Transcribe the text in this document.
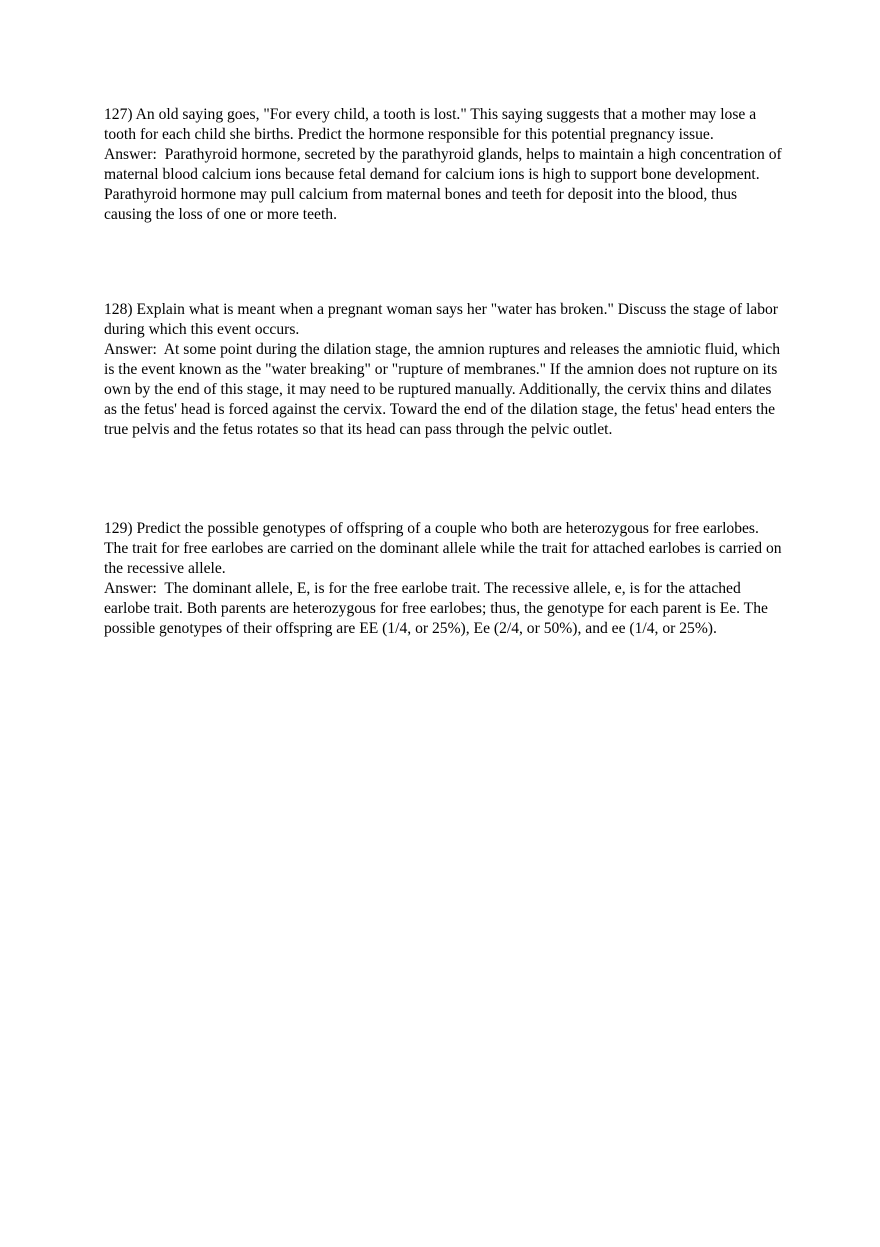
127) An old saying goes, "For every child, a tooth is lost." This saying suggests that a mother may lose a tooth for each child she births. Predict the hormone responsible for this potential pregnancy issue.

Answer:  Parathyroid hormone, secreted by the parathyroid glands, helps to maintain a high concentration of maternal blood calcium ions because fetal demand for calcium ions is high to support bone development. Parathyroid hormone may pull calcium from maternal bones and teeth for deposit into the blood, thus causing the loss of one or more teeth.

128) Explain what is meant when a pregnant woman says her "water has broken." Discuss the stage of labor during which this event occurs.

Answer:  At some point during the dilation stage, the amnion ruptures and releases the amniotic fluid, which is the event known as the "water breaking" or "rupture of membranes." If the amnion does not rupture on its own by the end of this stage, it may need to be ruptured manually. Additionally, the cervix thins and dilates as the fetus' head is forced against the cervix. Toward the end of the dilation stage, the fetus' head enters the true pelvis and the fetus rotates so that its head can pass through the pelvic outlet.

129) Predict the possible genotypes of offspring of a couple who both are heterozygous for free earlobes. The trait for free earlobes are carried on the dominant allele while the trait for attached earlobes is carried on the recessive allele.

Answer:  The dominant allele, E, is for the free earlobe trait. The recessive allele, e, is for the attached earlobe trait. Both parents are heterozygous for free earlobes; thus, the genotype for each parent is Ee. The possible genotypes of their offspring are EE (1/4, or 25%), Ee (2/4, or 50%), and ee (1/4, or 25%).
